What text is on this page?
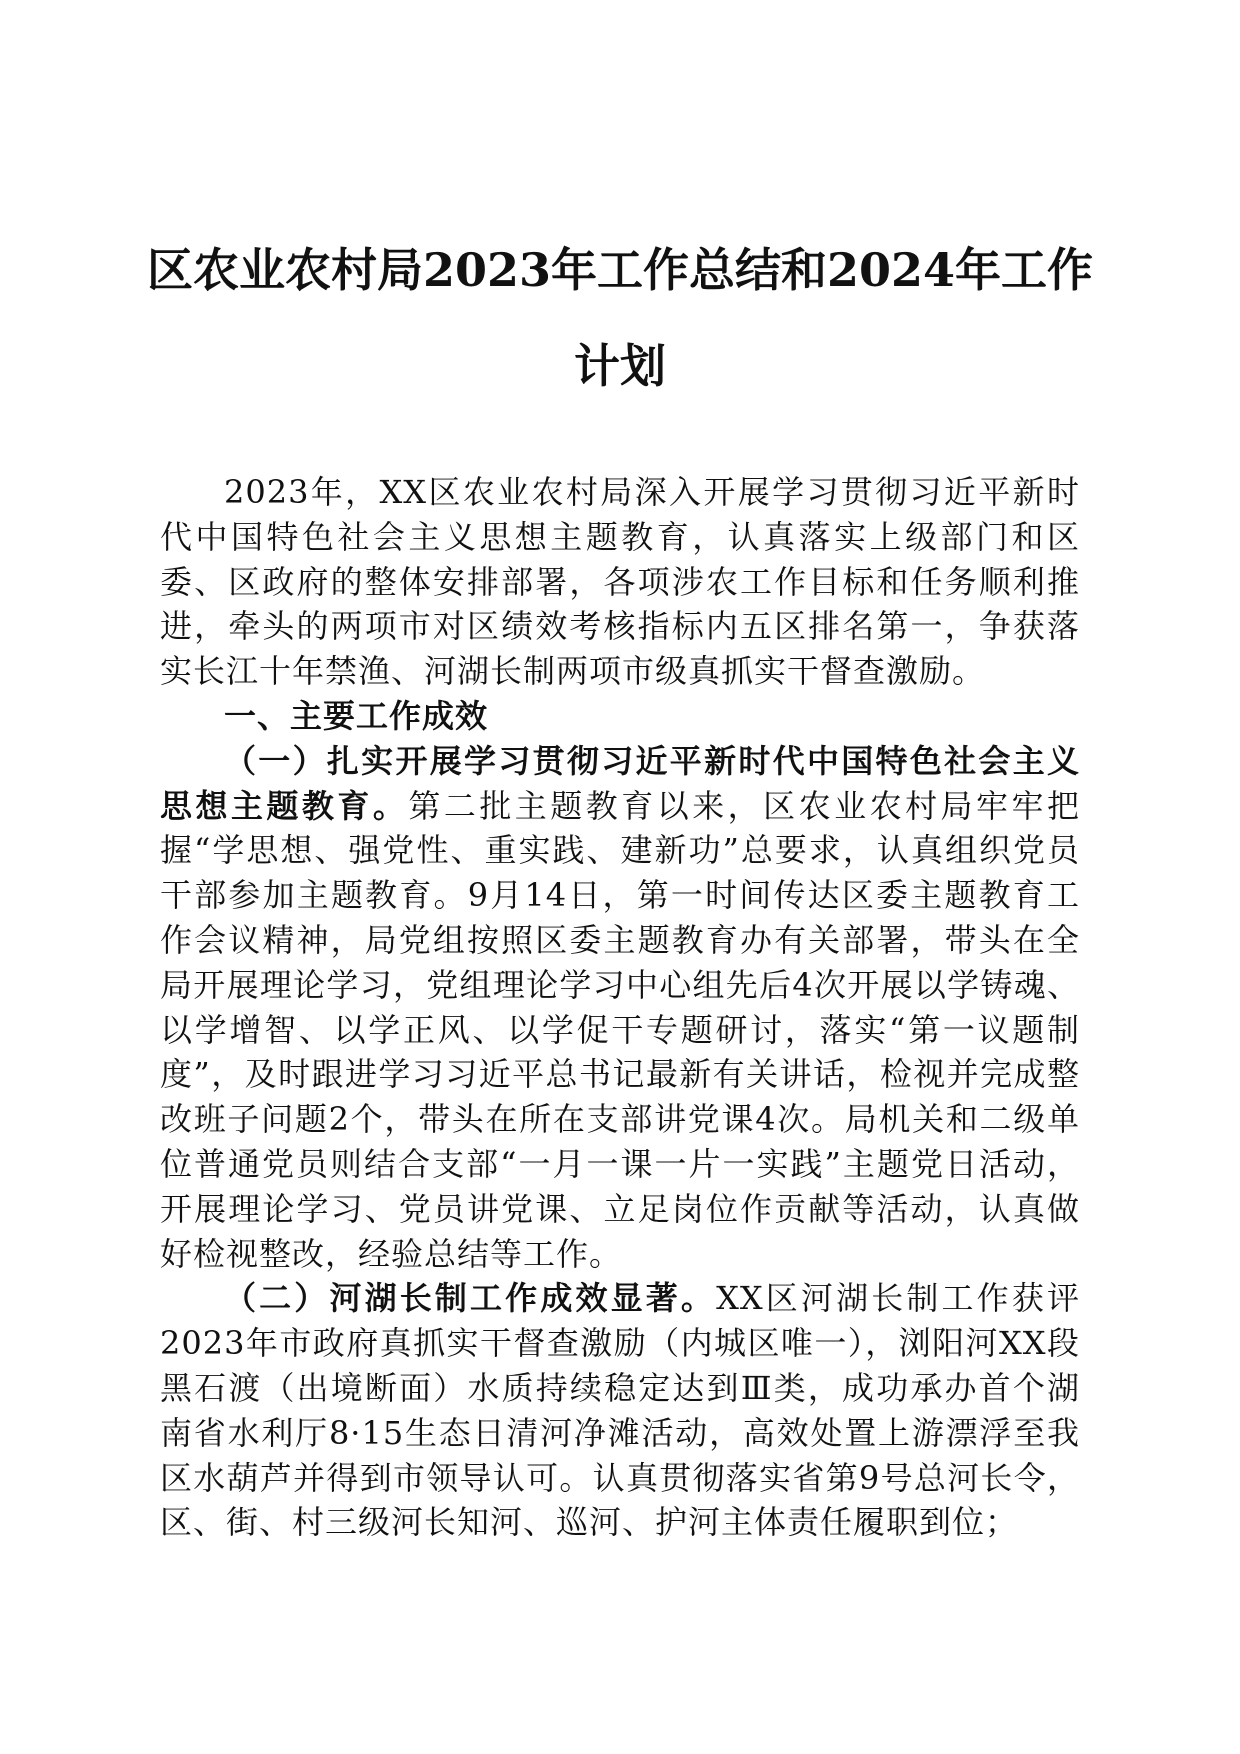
区农业农村局2023年工作总结和2024年工作
计划

2023年，XX区农业农村局深入开展学习贯彻习近平新时代中国特色社会主义思想主题教育，认真落实上级部门和区委、区政府的整体安排部署，各项涉农工作目标和任务顺利推进，牵头的两项市对区绩效考核指标内五区排名第一，争获落实长江十年禁渔、河湖长制两项市级真抓实干督查激励。

一、主要工作成效

（一）扎实开展学习贯彻习近平新时代中国特色社会主义思想主题教育。第二批主题教育以来，区农业农村局牢牢把握“学思想、强党性、重实践、建新功”总要求，认真组织党员干部参加主题教育。9月14日，第一时间传达区委主题教育工作会议精神，局党组按照区委主题教育办有关部署，带头在全局开展理论学习，党组理论学习中心组先后4次开展以学铸魂、以学增智、以学正风、以学促干专题研讨，落实“第一议题制度”，及时跟进学习习近平总书记最新有关讲话，检视并完成整改班子问题2个，带头在所在支部讲党课4次。局机关和二级单位普通党员则结合支部“一月一课一片一实践”主题党日活动，开展理论学习、党员讲党课、立足岗位作贡献等活动，认真做好检视整改，经验总结等工作。

（二）河湖长制工作成效显著。XX区河湖长制工作获评2023年市政府真抓实干督查激励（内城区唯一），浏阳河XX段黑石渡（出境断面）水质持续稳定达到Ⅲ类，成功承办首个湖南省水利厅8·15生态日清河净滩活动，高效处置上游漂浮至我区水葫芦并得到市领导认可。认真贯彻落实省第9号总河长令，区、街、村三级河长知河、巡河、护河主体责任履职到位；
